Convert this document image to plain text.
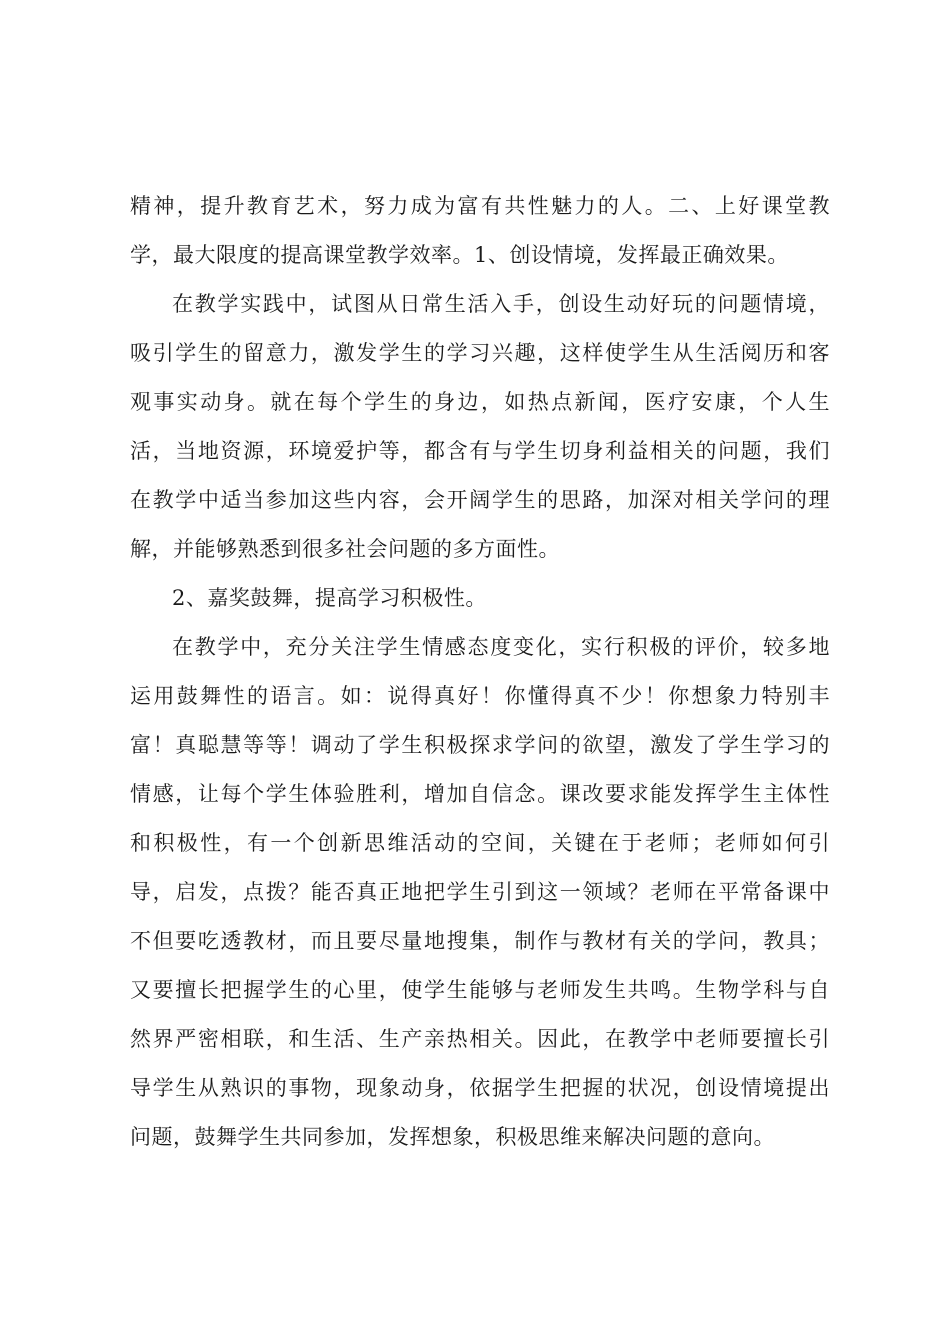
精神，提升教育艺术，努力成为富有共性魅力的人。二、上好课堂教
学，最大限度的提高课堂教学效率。1、创设情境，发挥最正确效果。
在教学实践中，试图从日常生活入手，创设生动好玩的问题情境，
吸引学生的留意力，激发学生的学习兴趣，这样使学生从生活阅历和客
观事实动身。就在每个学生的身边，如热点新闻，医疗安康，个人生
活，当地资源，环境爱护等，都含有与学生切身利益相关的问题，我们
在教学中适当参加这些内容，会开阔学生的思路，加深对相关学问的理
解，并能够熟悉到很多社会问题的多方面性。
2、嘉奖鼓舞，提高学习积极性。
在教学中，充分关注学生情感态度变化，实行积极的评价，较多地
运用鼓舞性的语言。如：说得真好！你懂得真不少！你想象力特别丰
富！真聪慧等等！调动了学生积极探求学问的欲望，激发了学生学习的
情感，让每个学生体验胜利，增加自信念。课改要求能发挥学生主体性
和积极性，有一个创新思维活动的空间，关键在于老师；老师如何引
导，启发，点拨？能否真正地把学生引到这一领域？老师在平常备课中
不但要吃透教材，而且要尽量地搜集，制作与教材有关的学问，教具；
又要擅长把握学生的心里，使学生能够与老师发生共鸣。生物学科与自
然界严密相联，和生活、生产亲热相关。因此，在教学中老师要擅长引
导学生从熟识的事物，现象动身，依据学生把握的状况，创设情境提出
问题，鼓舞学生共同参加，发挥想象，积极思维来解决问题的意向。
